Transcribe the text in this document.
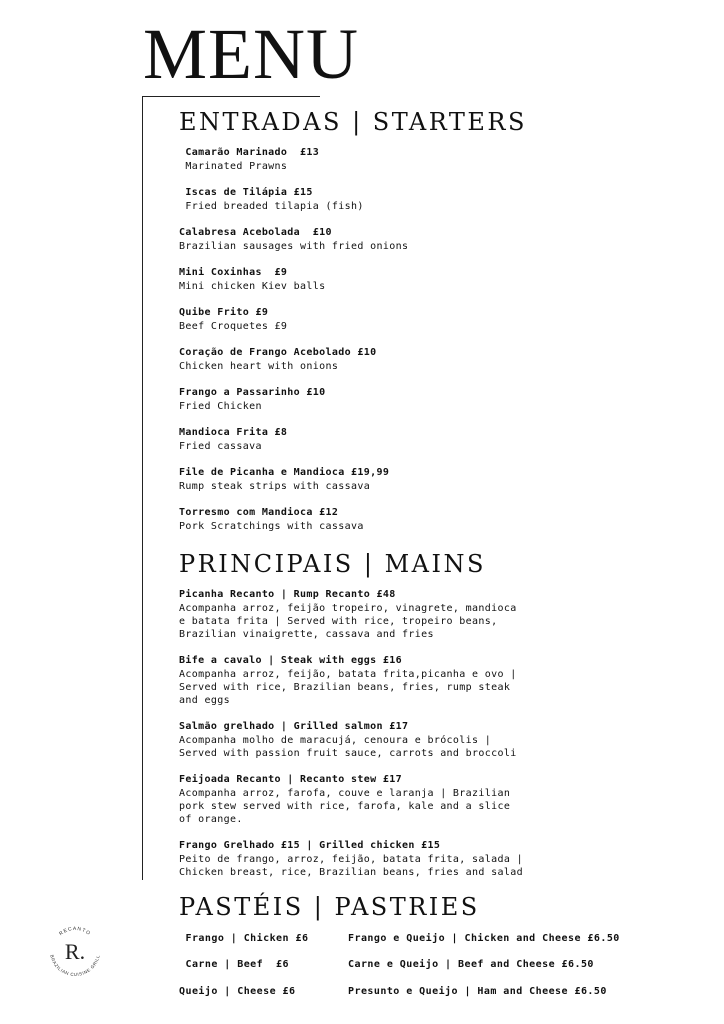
MENU
ENTRADAS | STARTERS
Camarão Marinado  £13
Marinated Prawns
Iscas de Tilápia £15
Fried breaded tilapia (fish)
Calabresa Acebolada  £10
Brazilian sausages with fried onions
Mini Coxinhas  £9
Mini chicken Kiev balls
Quibe Frito £9
Beef Croquetes £9
Coração de Frango Acebolado £10
Chicken heart with onions
Frango a Passarinho £10
Fried Chicken
Mandioca Frita £8
Fried cassava
File de Picanha e Mandioca £19,99
Rump steak strips with cassava
Torresmo com Mandioca £12
Pork Scratchings with cassava
PRINCIPAIS | MAINS
Picanha Recanto | Rump Recanto £48
Acompanha arroz, feijão tropeiro, vinagrete, mandioca e batata frita | Served with rice, tropeiro beans, Brazilian vinaigrette, cassava and fries
Bife a cavalo | Steak with eggs £16
Acompanha arroz, feijão, batata frita,picanha e ovo | Served with rice, Brazilian beans, fries, rump steak and eggs
Salmão grelhado | Grilled salmon £17
Acompanha molho de maracujá, cenoura e brócolis | Served with passion fruit sauce, carrots and broccoli
Feijoada Recanto | Recanto stew £17
Acompanha arroz, farofa, couve e laranja | Brazilian pork stew served with rice, farofa, kale and a slice of orange.
Frango Grelhado £15 | Grilled chicken £15
Peito de frango, arroz, feijão, batata frita, salada | Chicken breast, rice, Brazilian beans, fries and salad
PASTÉIS | PASTRIES
Frango | Chicken £6
Carne | Beef  £6
Queijo | Cheese £6
Frango e Queijo | Chicken and Cheese £6.50
Carne e Queijo | Beef and Cheese £6.50
Presunto e Queijo | Ham and Cheese £6.50
RECANTO
BRAZILIAN CUISINE GRILL
R.
